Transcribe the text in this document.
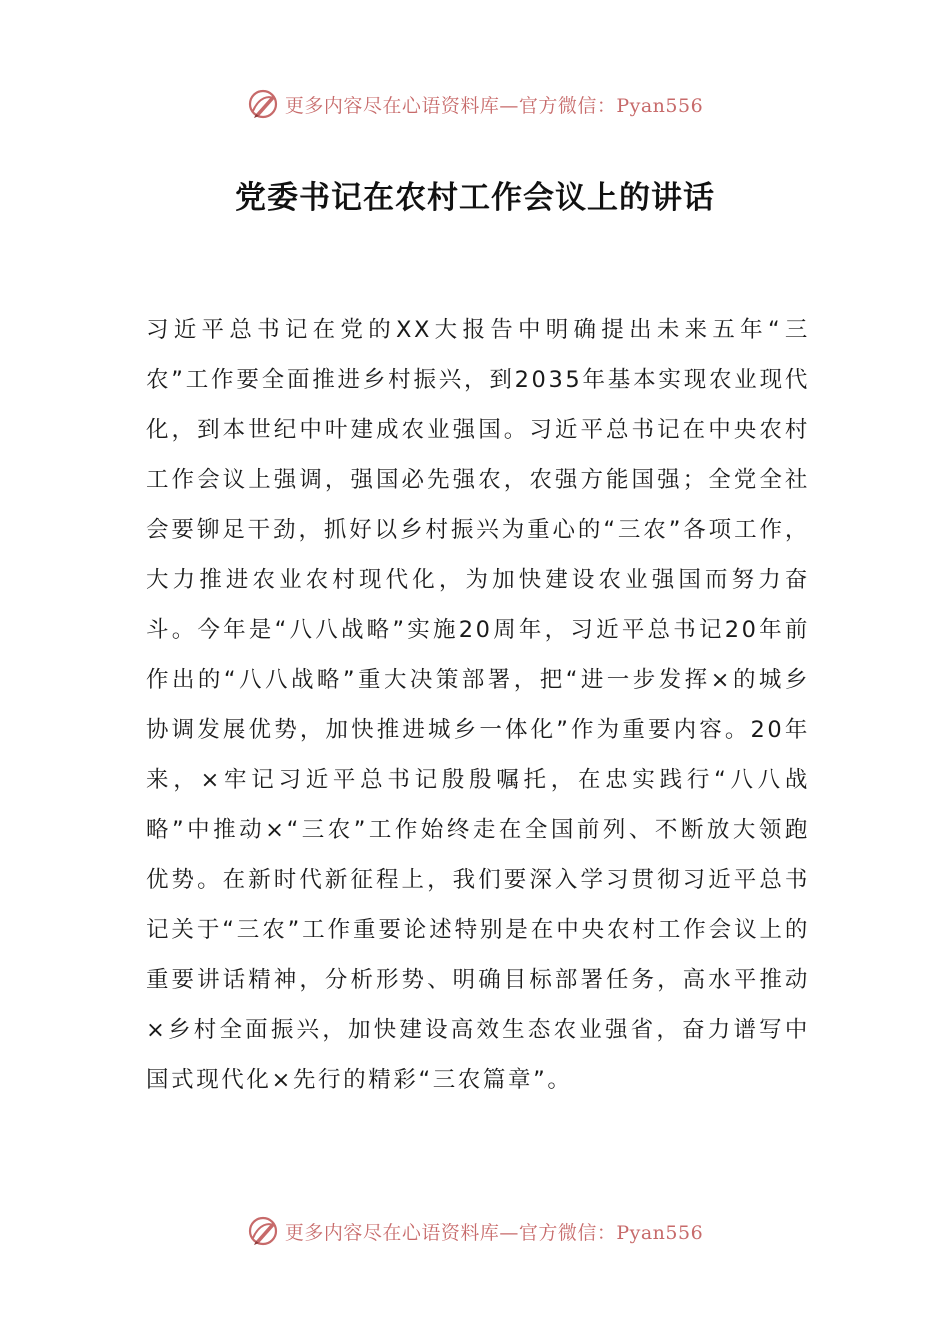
更多内容尽在心语资料库—官方微信：Pyan556
党委书记在农村工作会议上的讲话

习近平总书记在党的XX大报告中明确提出未来五年“三农”工作要全面推进乡村振兴，到2035年基本实现农业现代化，到本世纪中叶建成农业强国。习近平总书记在中央农村工作会议上强调，强国必先强农，农强方能国强；全党全社会要铆足干劲，抓好以乡村振兴为重心的“三农”各项工作，大力推进农业农村现代化，为加快建设农业强国而努力奋斗。今年是“八八战略”实施20周年，习近平总书记20年前作出的“八八战略”重大决策部署，把“进一步发挥×的城乡协调发展优势，加快推进城乡一体化”作为重要内容。20年来，×牢记习近平总书记殷殷嘱托，在忠实践行“八八战略”中推动×“三农”工作始终走在全国前列、不断放大领跑优势。在新时代新征程上，我们要深入学习贯彻习近平总书记关于“三农”工作重要论述特别是在中央农村工作会议上的重要讲话精神，分析形势、明确目标部署任务，高水平推动×乡村全面振兴，加快建设高效生态农业强省，奋力谱写中国式现代化×先行的精彩“三农篇章”。

更多内容尽在心语资料库—官方微信：Pyan556
